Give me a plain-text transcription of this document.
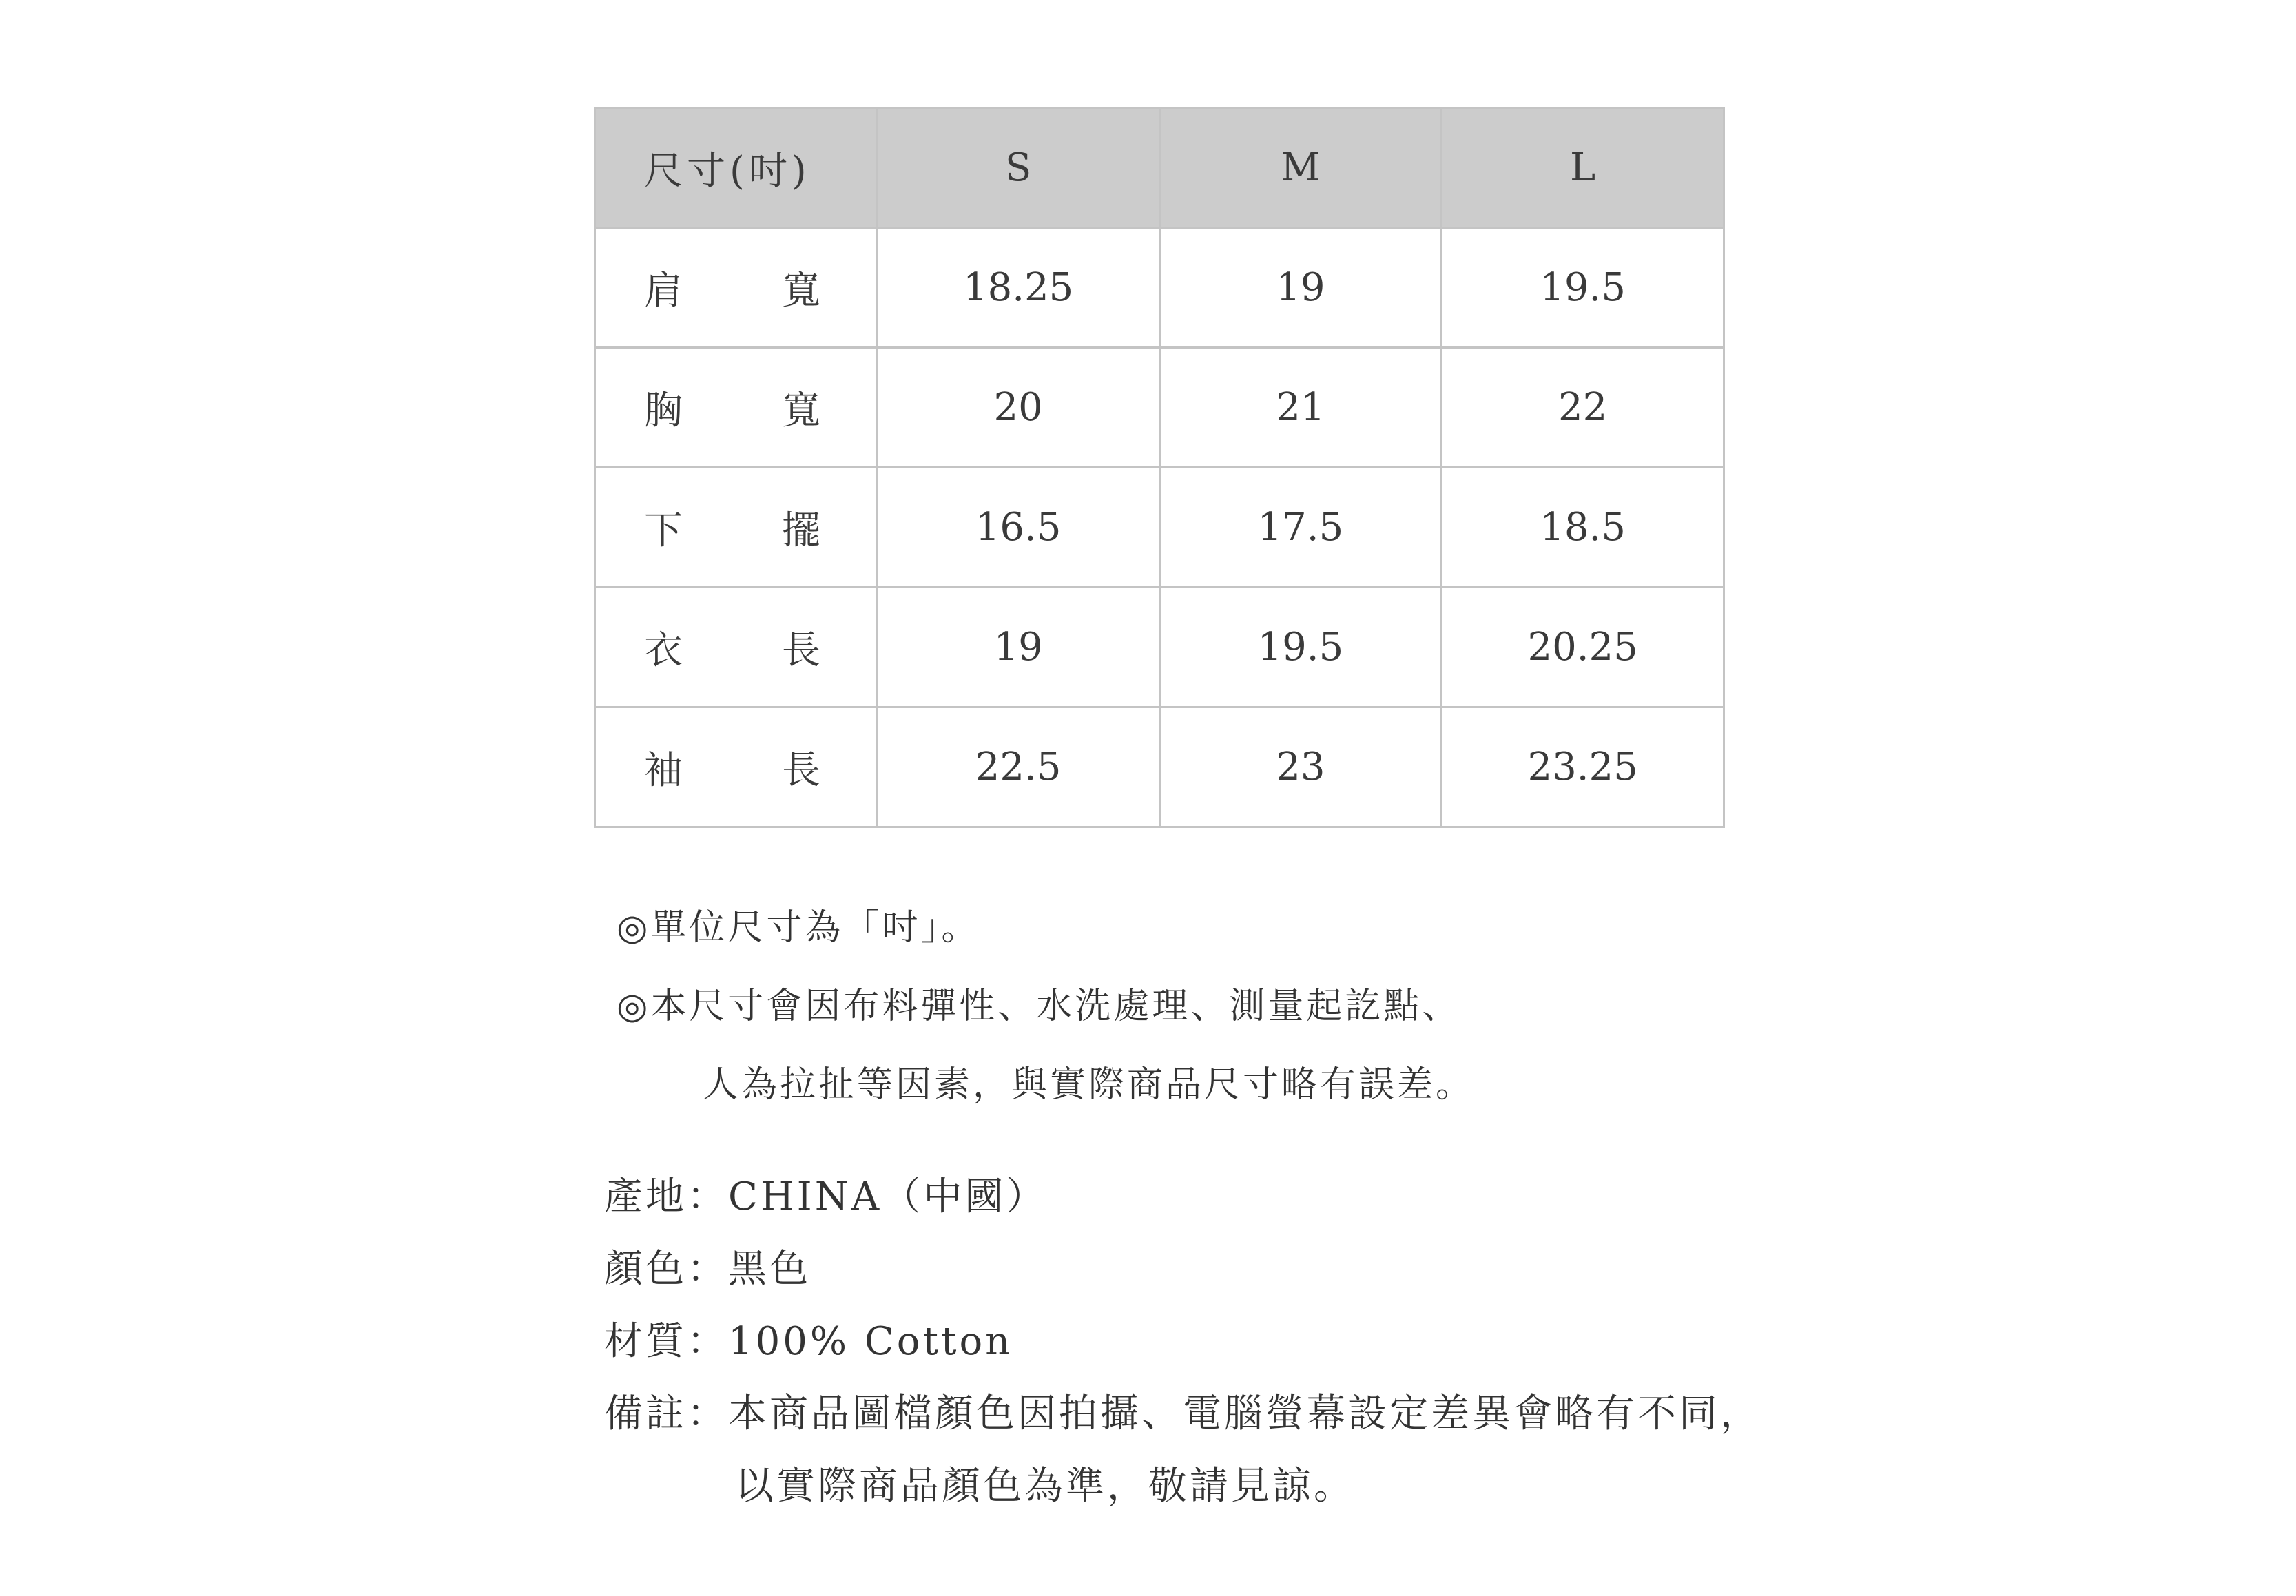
尺寸(吋)	S	M	L

肩 寬	18.25	19	19.5

胸 寬	20	21	22

下 擺	16.5	17.5	18.5

衣 長	19	19.5	20.25

袖 長	22.5	23	23.25
◎單位尺寸為「吋」。
◎本尺寸會因布料彈性、水洗處理、測量起訖點、
人為拉扯等因素，與實際商品尺寸略有誤差。
產地： CHINA（中國）
顏色： 黑色
材質： 100% Cotton
備註： 本商品圖檔顏色因拍攝、電腦螢幕設定差異會略有不同，
以實際商品顏色為準，敬請見諒。
